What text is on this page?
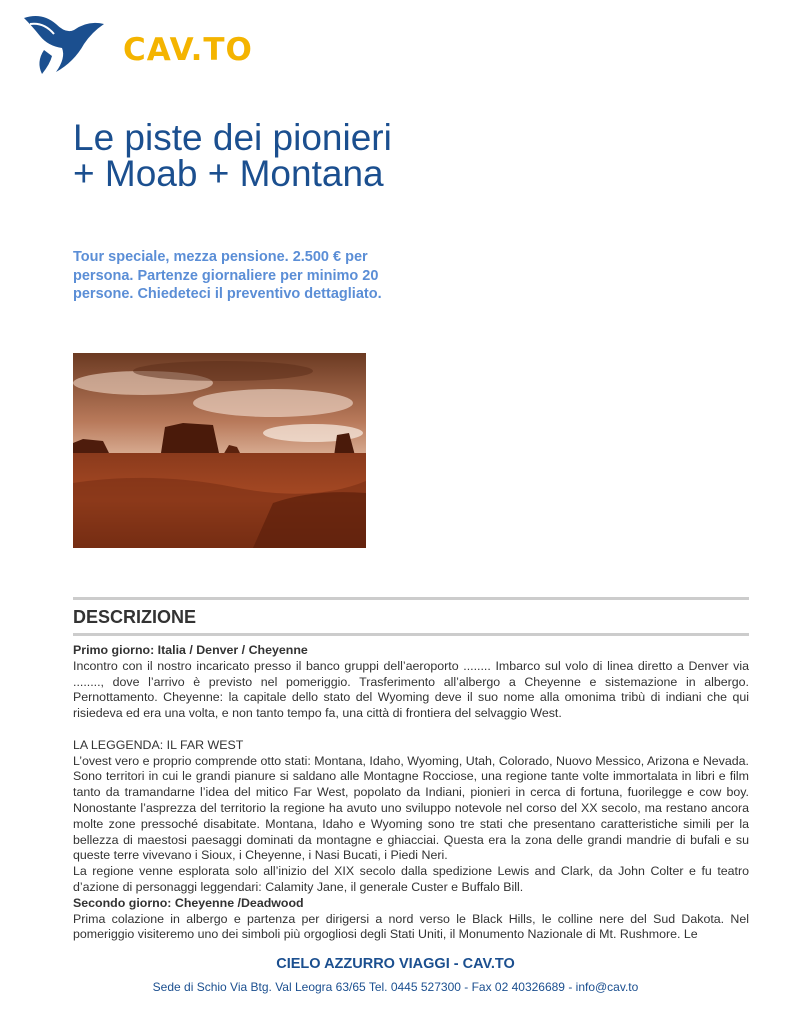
CAV.TO
Le piste dei pionieri + Moab + Montana

Tour speciale, mezza pensione. 2.500 € per persona. Partenze giornaliere per minimo 20 persone. Chiedeteci il preventivo dettagliato.

DESCRIZIONE

Primo giorno: Italia / Denver / Cheyenne

Incontro con il nostro incaricato presso il banco gruppi dell’aeroporto ........ Imbarco sul volo di linea diretto a Denver via ........, dove l’arrivo è previsto nel pomeriggio. Trasferimento all’albergo a Cheyenne e sistemazione in albergo. Pernottamento. Cheyenne: la capitale dello stato del Wyoming deve il suo nome alla omonima tribù di indiani che qui risiedeva ed era una volta, e non tanto tempo fa, una città di frontiera del selvaggio West.

LA LEGGENDA: IL FAR WEST

L’ovest vero e proprio comprende otto stati: Montana, Idaho, Wyoming, Utah, Colorado, Nuovo Messico, Arizona e Nevada. Sono territori in cui le grandi pianure si saldano alle Montagne Rocciose, una regione tante volte immortalata in libri e film tanto da tramandarne l’idea del mitico Far West, popolato da Indiani, pionieri in cerca di fortuna, fuorilegge e cow boy. Nonostante l’asprezza del territorio la regione ha avuto uno sviluppo notevole nel corso del XX secolo, ma restano ancora molte zone pressoché disabitate. Montana, Idaho e Wyoming sono tre stati che presentano caratteristiche simili per la bellezza di maestosi paesaggi dominati da montagne e ghiacciai. Questa era la zona delle grandi mandrie di bufali e su queste terre vivevano i Sioux, i Cheyenne, i Nasi Bucati, i Piedi Neri.

La regione venne esplorata solo all’inizio del XIX secolo dalla spedizione Lewis and Clark, da John Colter e fu teatro d’azione di personaggi leggendari: Calamity Jane, il generale Custer e Buffalo Bill.

Secondo giorno: Cheyenne /Deadwood

Prima colazione in albergo e partenza per dirigersi a nord verso le Black Hills, le colline nere del Sud Dakota. Nel pomeriggio visiteremo uno dei simboli più orgogliosi degli Stati Uniti, il Monumento Nazionale di Mt. Rushmore. Le

CIELO AZZURRO VIAGGI - CAV.TO
Sede di Schio Via Btg. Val Leogra 63/65 Tel. 0445 527300 - Fax 02 40326689 - info@cav.to
